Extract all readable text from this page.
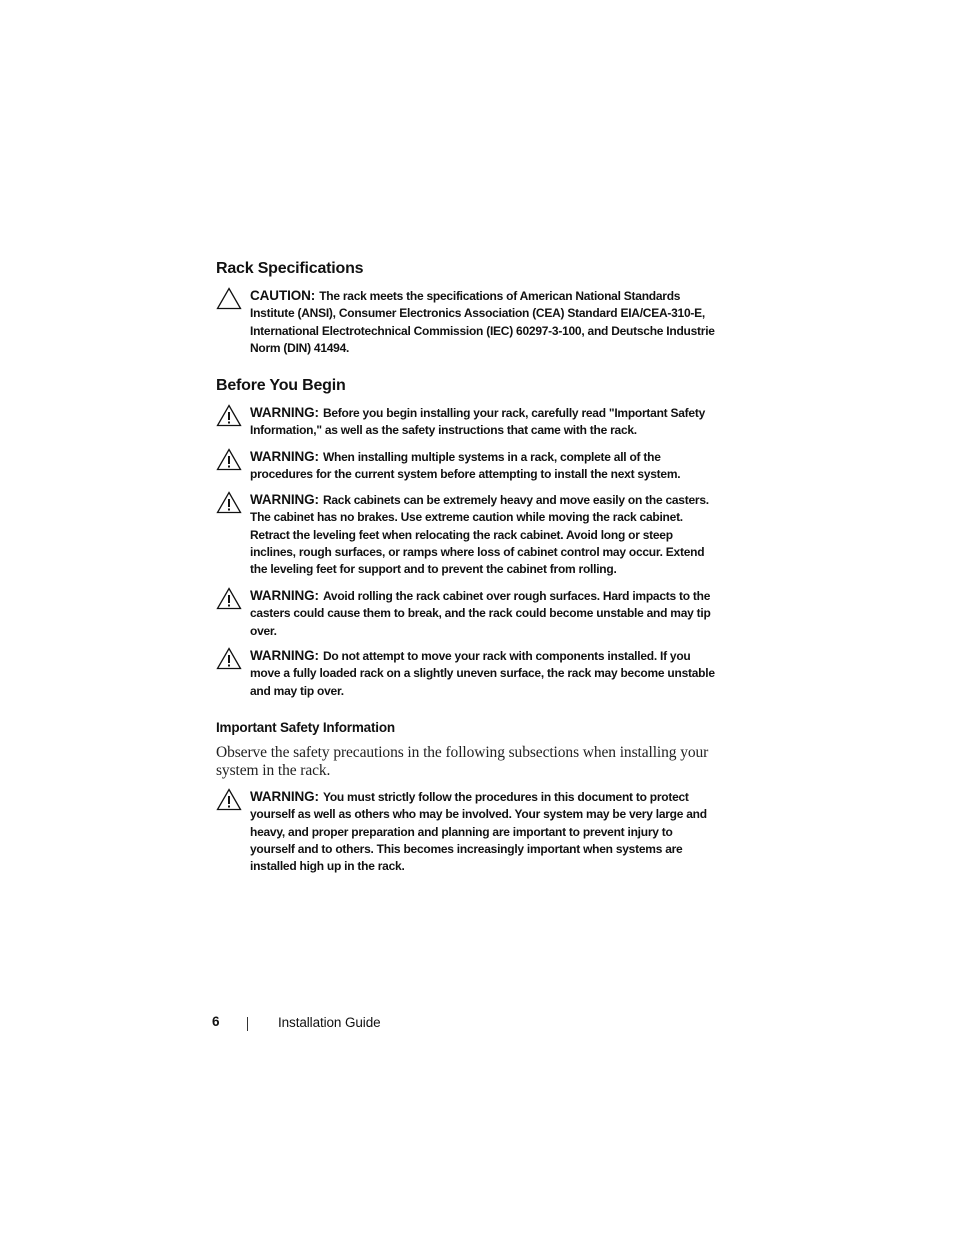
Rack Specifications
CAUTION: The rack meets the specifications of American National Standards Institute (ANSI), Consumer Electronics Association (CEA) Standard EIA/CEA-310-E, International Electrotechnical Commission (IEC) 60297-3-100, and Deutsche Industrie Norm (DIN) 41494.
Before You Begin
WARNING: Before you begin installing your rack, carefully read "Important Safety Information," as well as the safety instructions that came with the rack.
WARNING: When installing multiple systems in a rack, complete all of the procedures for the current system before attempting to install the next system.
WARNING: Rack cabinets can be extremely heavy and move easily on the casters. The cabinet has no brakes. Use extreme caution while moving the rack cabinet. Retract the leveling feet when relocating the rack cabinet. Avoid long or steep inclines, rough surfaces, or ramps where loss of cabinet control may occur. Extend the leveling feet for support and to prevent the cabinet from rolling.
WARNING: Avoid rolling the rack cabinet over rough surfaces. Hard impacts to the casters could cause them to break, and the rack could become unstable and may tip over.
WARNING: Do not attempt to move your rack with components installed. If you move a fully loaded rack on a slightly uneven surface, the rack may become unstable and may tip over.
Important Safety Information

Observe the safety precautions in the following subsections when installing your system in the rack.

WARNING: You must strictly follow the procedures in this document to protect yourself as well as others who may be involved. Your system may be very large and heavy, and proper preparation and planning are important to prevent injury to yourself and to others. This becomes increasingly important when systems are installed high up in the rack.
6	Installation Guide
